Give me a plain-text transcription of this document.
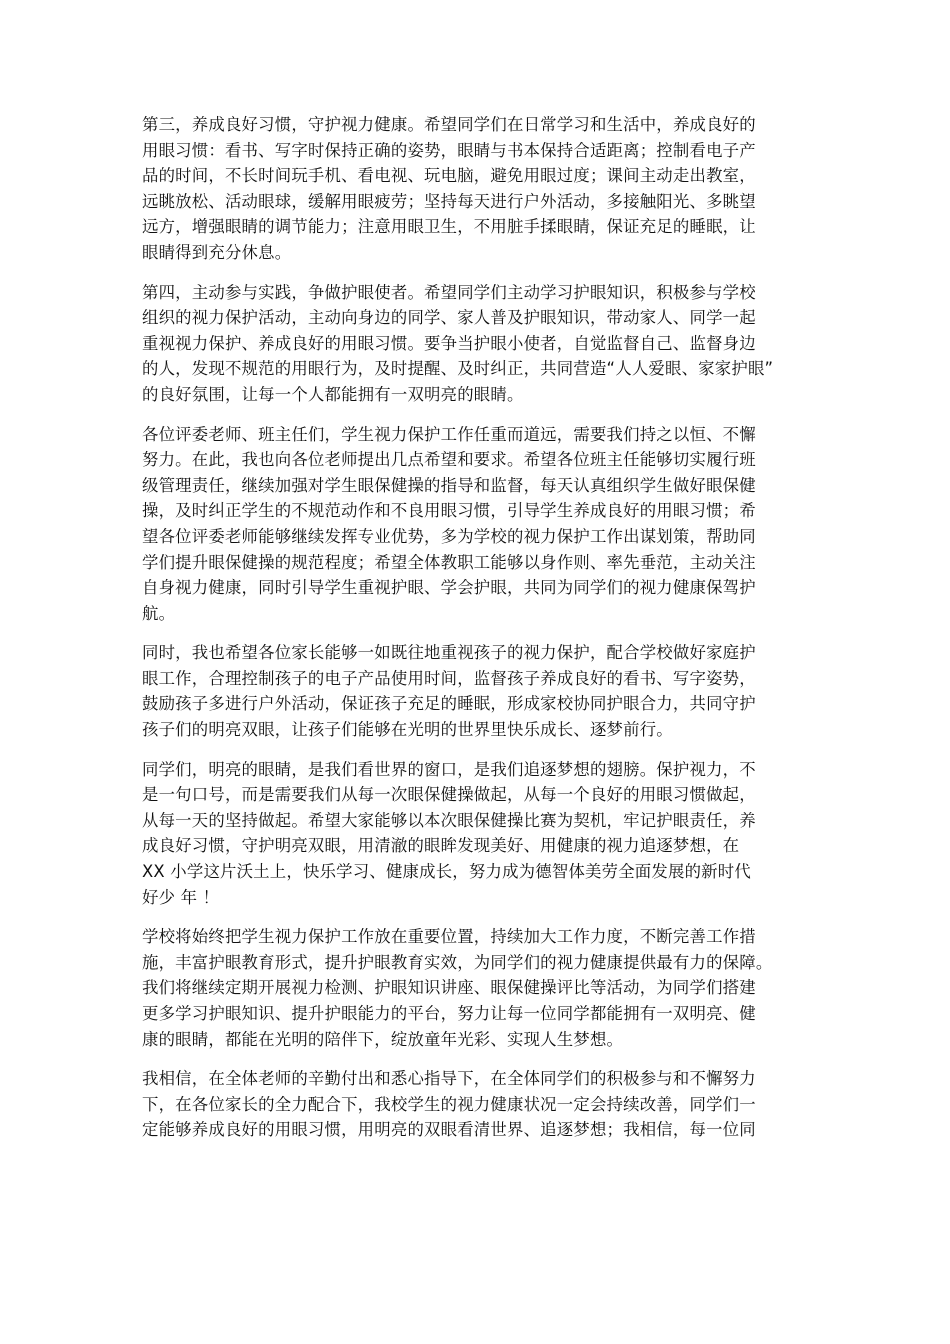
第三，养成良好习惯，守护视力健康。希望同学们在日常学习和生活中，养成良好的
用眼习惯：看书、写字时保持正确的姿势，眼睛与书本保持合适距离；控制看电子产
品的时间，不长时间玩手机、看电视、玩电脑，避免用眼过度；课间主动走出教室，
远眺放松、活动眼球，缓解用眼疲劳；坚持每天进行户外活动，多接触阳光、多眺望
远方，增强眼睛的调节能力；注意用眼卫生，不用脏手揉眼睛，保证充足的睡眠，让
眼睛得到充分休息。

第四，主动参与实践，争做护眼使者。希望同学们主动学习护眼知识，积极参与学校
组织的视力保护活动，主动向身边的同学、家人普及护眼知识，带动家人、同学一起
重视视力保护、养成良好的用眼习惯。要争当护眼小使者，自觉监督自己、监督身边
的人，发现不规范的用眼行为，及时提醒、及时纠正，共同营造“人人爱眼、家家护眼”
的良好氛围，让每一个人都能拥有一双明亮的眼睛。

各位评委老师、班主任们，学生视力保护工作任重而道远，需要我们持之以恒、不懈
努力。在此，我也向各位老师提出几点希望和要求。希望各位班主任能够切实履行班
级管理责任，继续加强对学生眼保健操的指导和监督，每天认真组织学生做好眼保健
操，及时纠正学生的不规范动作和不良用眼习惯，引导学生养成良好的用眼习惯；希
望各位评委老师能够继续发挥专业优势，多为学校的视力保护工作出谋划策，帮助同
学们提升眼保健操的规范程度；希望全体教职工能够以身作则、率先垂范，主动关注
自身视力健康，同时引导学生重视护眼、学会护眼，共同为同学们的视力健康保驾护
航。

同时，我也希望各位家长能够一如既往地重视孩子的视力保护，配合学校做好家庭护
眼工作，合理控制孩子的电子产品使用时间，监督孩子养成良好的看书、写字姿势，
鼓励孩子多进行户外活动，保证孩子充足的睡眠，形成家校协同护眼合力，共同守护
孩子们的明亮双眼，让孩子们能够在光明的世界里快乐成长、逐梦前行。

同学们，明亮的眼睛，是我们看世界的窗口，是我们追逐梦想的翅膀。保护视力，不
是一句口号，而是需要我们从每一次眼保健操做起，从每一个良好的用眼习惯做起，
从每一天的坚持做起。希望大家能够以本次眼保健操比赛为契机，牢记护眼责任，养
成良好习惯，守护明亮双眼，用清澈的眼眸发现美好、用健康的视力追逐梦想，在
XX 小学这片沃土上，快乐学习、健康成长，努力成为德智体美劳全面发展的新时代
好少 年 ！

学校将始终把学生视力保护工作放在重要位置，持续加大工作力度，不断完善工作措
施，丰富护眼教育形式，提升护眼教育实效，为同学们的视力健康提供最有力的保障。
我们将继续定期开展视力检测、护眼知识讲座、眼保健操评比等活动，为同学们搭建
更多学习护眼知识、提升护眼能力的平台，努力让每一位同学都能拥有一双明亮、健
康的眼睛，都能在光明的陪伴下，绽放童年光彩、实现人生梦想。

我相信，在全体老师的辛勤付出和悉心指导下，在全体同学们的积极参与和不懈努力
下，在各位家长的全力配合下，我校学生的视力健康状况一定会持续改善，同学们一
定能够养成良好的用眼习惯，用明亮的双眼看清世界、追逐梦想；我相信，每一位同
